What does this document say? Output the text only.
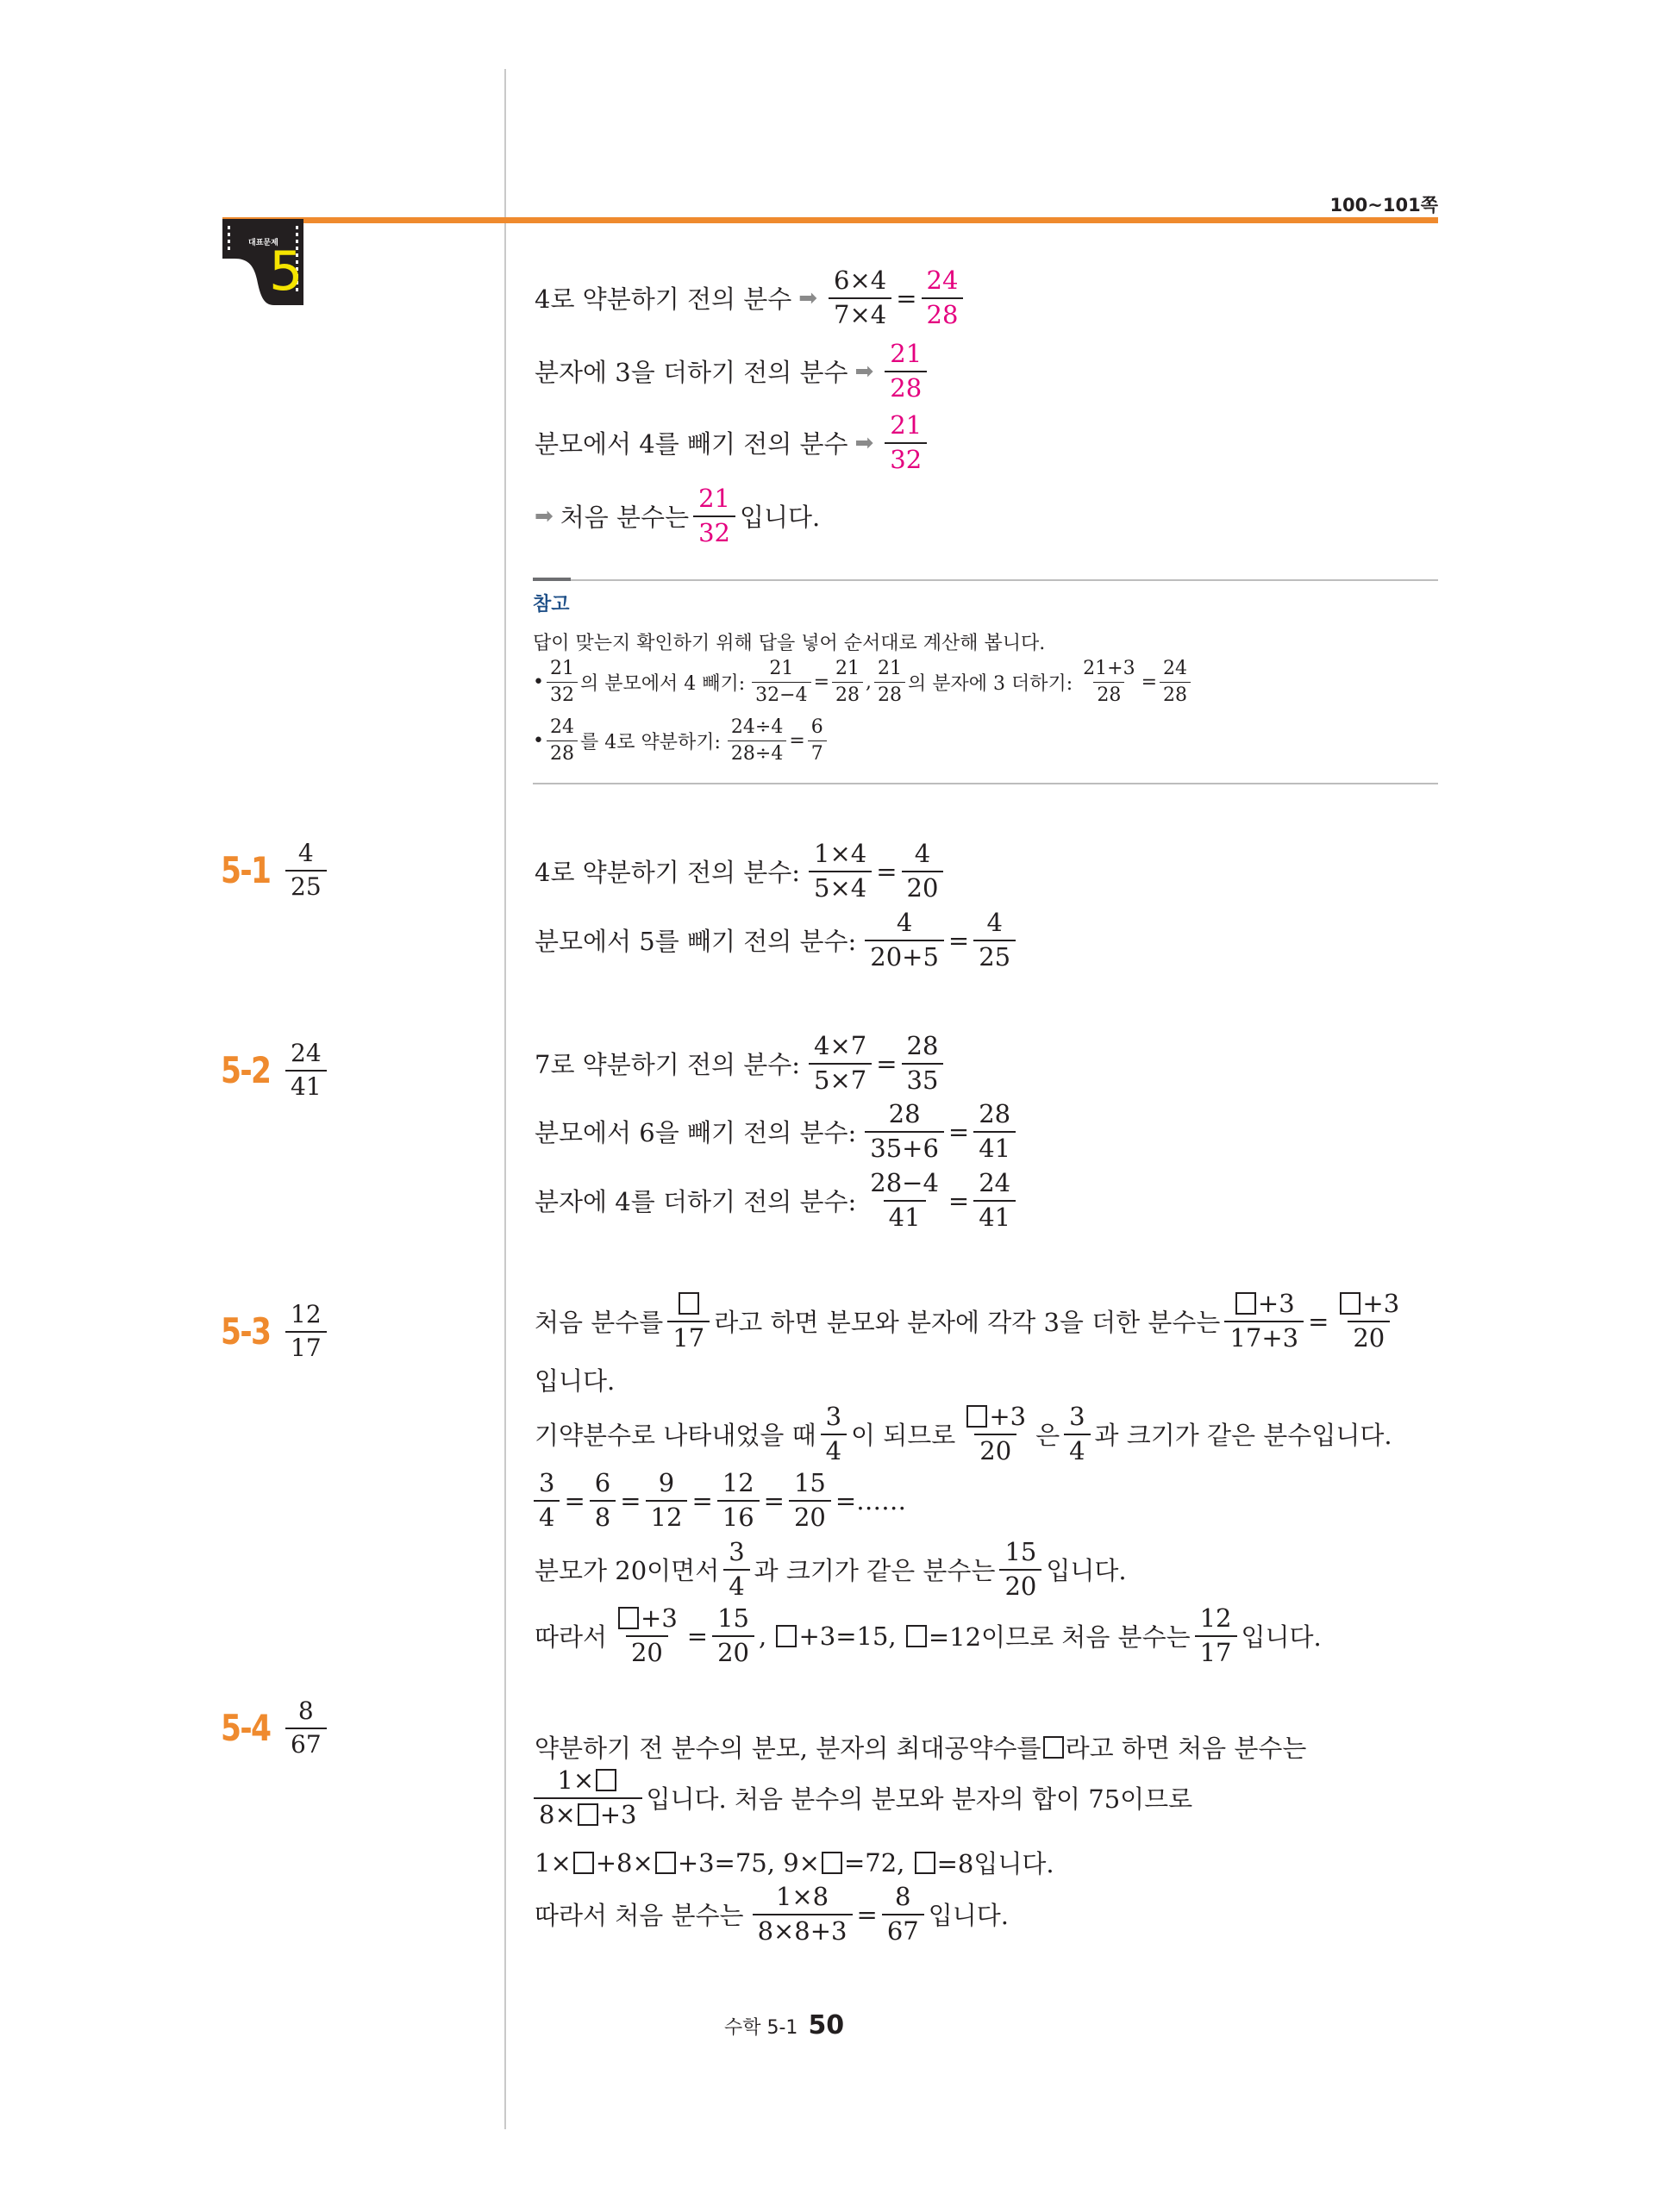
100~101쪽
대표문제
5	4로 약분하기 전의 분수 ➡ $\frac{6\times 4}{7\times 4} = \frac{24}{28}$
분자에 3을 더하기 전의 분수 ➡ $\frac{21}{28}$
분모에서 4를 빼기 전의 분수 ➡ $\frac{21}{32}$
➡ 처음 분수는 $\frac{21}{32}$ 입니다.
참고
답이 맞는지 확인하기 위해 답을 넣어 순서대로 계산해 봅니다.
• $\frac{21}{32}$ 의 분모에서 4 빼기: $\frac{21}{32-4} = \frac{21}{28}$ , $\frac{21}{28}$ 의 분자에 3 더하기: $\frac{21+3}{28} = \frac{24}{28}$
• $\frac{24}{28}$ 를 4로 약분하기: $\frac{24\div 4}{28\div 4} = \frac{6}{7}$
$5-1 \frac{4}{25}$
$5-2 \frac{24}{41}$
$5-3 \frac{12}{17}$
$5-4 \frac{8}{67}$
4로 약분하기 전의 분수: $\frac{1\times 4}{5\times 4} = \frac{4}{20}$
분모에서 5를 빼기 전의 분수: $\frac{4}{20+5} = \frac{4}{25}$
7로 약분하기 전의 분수: $\frac{4\times 7}{5\times 7} = \frac{28}{35}$
분모에서 6을 빼기 전의 분수: $\frac{28}{35+6} = \frac{28}{41}$
분자에 4를 더하기 전의 분수: $\frac{28-4}{41} = \frac{24}{41}$
처음 분수를
17
라고 하면 분모와 분자에 각각 3을 더한 분수는 $\frac{+3}{17+3} = \frac{+3}{20}$
입니다.
기약분수로 나타내었을 때 $\frac{3}{4}$ 이 되므로 $\frac{+3}{20}$ 은 $\frac{3}{4}$ 과 크기가 같은 분수입니다.
$\frac{3}{4} = \frac{6}{8} = \frac{9}{12} = \frac{12}{16} = \frac{15}{20}$ =……
분모가 20이면서 $\frac{3}{4}$ 과 크기가 같은 분수는 $\frac{15}{20}$ 입니다.
따라서 $\frac{+3}{20} = \frac{15}{20}$ ,
+3=15,
=12이므로 처음 분수는 $\frac{12}{17}$ 입니다.
약분하기 전 분수의 분모, 분자의 최대공약수를 라고 하면 처음 분수는
$\frac{1\times}{8\times +3}$ 입니다. 처음 분수의 분모와 분자의 합이 75이므로
1× +8× +3=75, 9× =72,
=8입니다.
따라서 처음 분수는 $\frac{1\times 8}{8\times 8+3} = \frac{8}{67}$ 입니다.
수학 5-1 50
